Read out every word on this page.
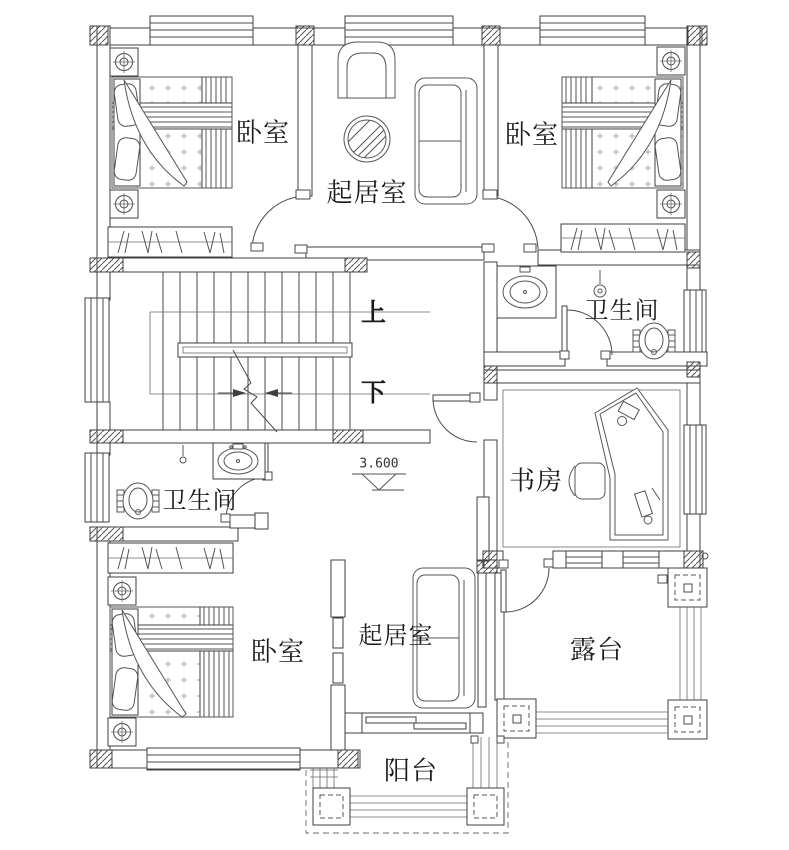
卧室
起居室
卧室
卫生间
上
下
卫生间
3.600
书房
卧室
起居室	露台
阳台
